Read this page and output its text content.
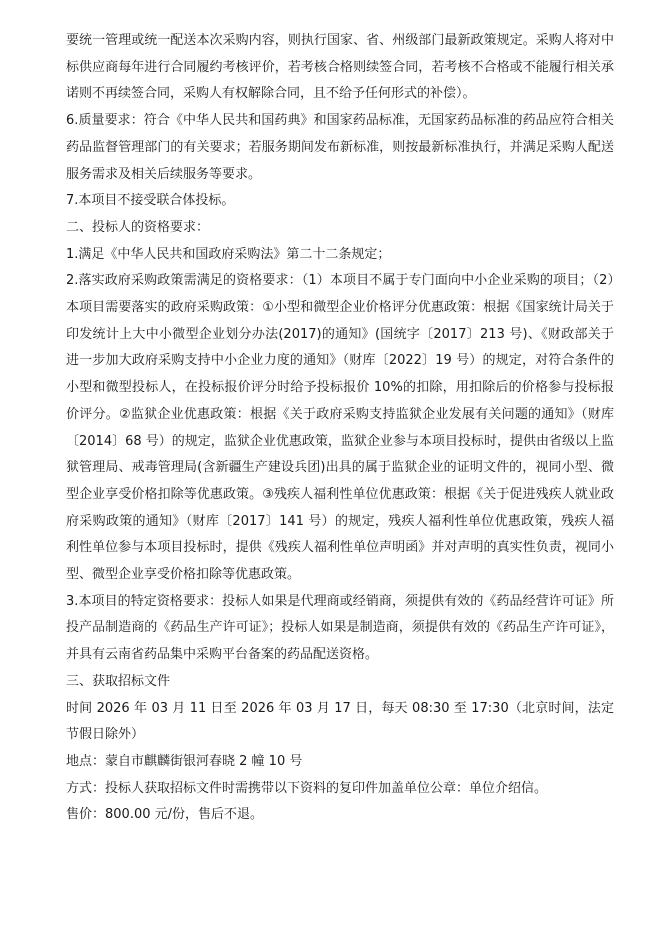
要统一管理或统一配送本次采购内容，则执行国家、省、州级部门最新政策规定。采购人将对中标供应商每年进行合同履约考核评价，若考核合格则续签合同，若考核不合格或不能履行相关承诺则不再续签合同，采购人有权解除合同，且不给予任何形式的补偿）。

6.质量要求：符合《中华人民共和国药典》和国家药品标准，无国家药品标准的药品应符合相关药品监督管理部门的有关要求；若服务期间发布新标准，则按最新标准执行，并满足采购人配送服务需求及相关后续服务等要求。

7.本项目不接受联合体投标。

二、投标人的资格要求：

1.满足《中华人民共和国政府采购法》第二十二条规定；

2.落实政府采购政策需满足的资格要求：（1）本项目不属于专门面向中小企业采购的项目；（2）本项目需要落实的政府采购政策：①小型和微型企业价格评分优惠政策：根据《国家统计局关于印发统计上大中小微型企业划分办法(2017)的通知》(国统字〔2017〕213 号)、《财政部关于进一步加大政府采购支持中小企业力度的通知》（财库〔2022〕19 号）的规定，对符合条件的小型和微型投标人，在投标报价评分时给予投标报价 10%的扣除，用扣除后的价格参与投标报价评分。②监狱企业优惠政策：根据《关于政府采购支持监狱企业发展有关问题的通知》（财库〔2014〕68 号）的规定，监狱企业优惠政策，监狱企业参与本项目投标时，提供由省级以上监狱管理局、戒毒管理局(含新疆生产建设兵团)出具的属于监狱企业的证明文件的，视同小型、微型企业享受价格扣除等优惠政策。③残疾人福利性单位优惠政策：根据《关于促进残疾人就业政府采购政策的通知》（财库〔2017〕141 号）的规定，残疾人福利性单位优惠政策，残疾人福利性单位参与本项目投标时，提供《残疾人福利性单位声明函》并对声明的真实性负责，视同小型、微型企业享受价格扣除等优惠政策。

3.本项目的特定资格要求：投标人如果是代理商或经销商，须提供有效的《药品经营许可证》所投产品制造商的《药品生产许可证》；投标人如果是制造商，须提供有效的《药品生产许可证》，并具有云南省药品集中采购平台备案的药品配送资格。

三、获取招标文件

时间 2026 年 03 月 11 日至 2026 年 03 月 17 日，每天 08:30 至 17:30（北京时间，法定节假日除外）

地点：蒙自市麒麟街银河春晓 2 幢 10 号

方式：投标人获取招标文件时需携带以下资料的复印件加盖单位公章：单位介绍信。

售价：800.00 元/份，售后不退。
